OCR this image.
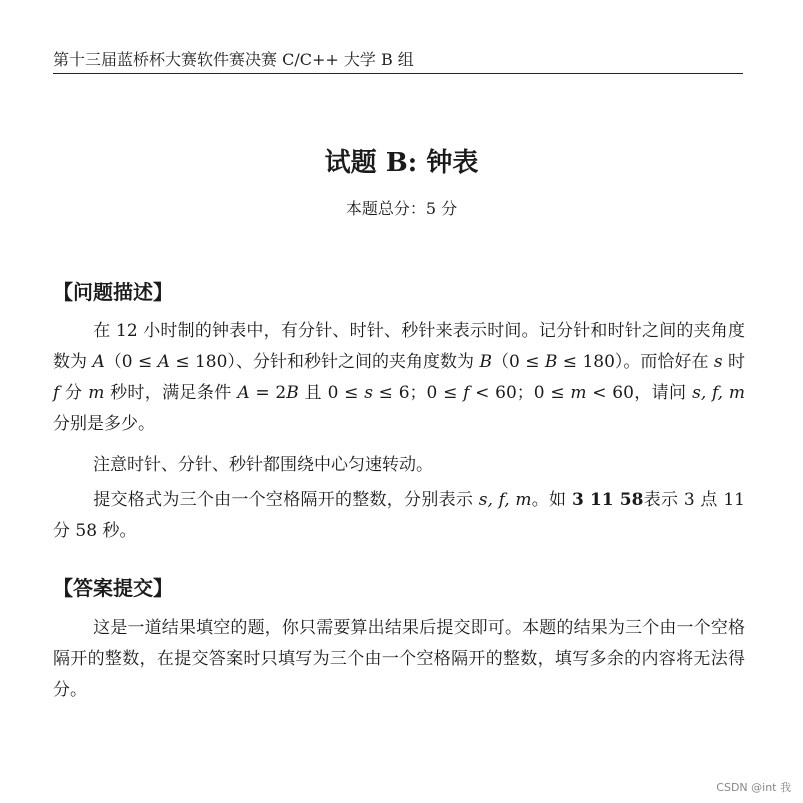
第十三届蓝桥杯大赛软件赛决赛 C/C++ 大学 B 组
试题 B: 钟表
本题总分：5 分
【问题描述】
在 12 小时制的钟表中，有分针、时针、秒针来表示时间。记分针和时针之间的夹角度数为 A（0 ≤ A ≤ 180）、分针和秒针之间的夹角度数为 B（0 ≤ B ≤ 180）。而恰好在 s 时 f 分 m 秒时，满足条件 A = 2B 且 0 ≤ s ≤ 6；0 ≤ f < 60；0 ≤ m < 60，请问 s, f, m 分别是多少。
注意时针、分针、秒针都围绕中心匀速转动。
提交格式为三个由一个空格隔开的整数，分别表示 s, f, m。如 3 11 58表示 3 点 11 分 58 秒。
【答案提交】
这是一道结果填空的题，你只需要算出结果后提交即可。本题的结果为三个由一个空格隔开的整数，在提交答案时只填写为三个由一个空格隔开的整数，填写多余的内容将无法得分。
CSDN @int 我
